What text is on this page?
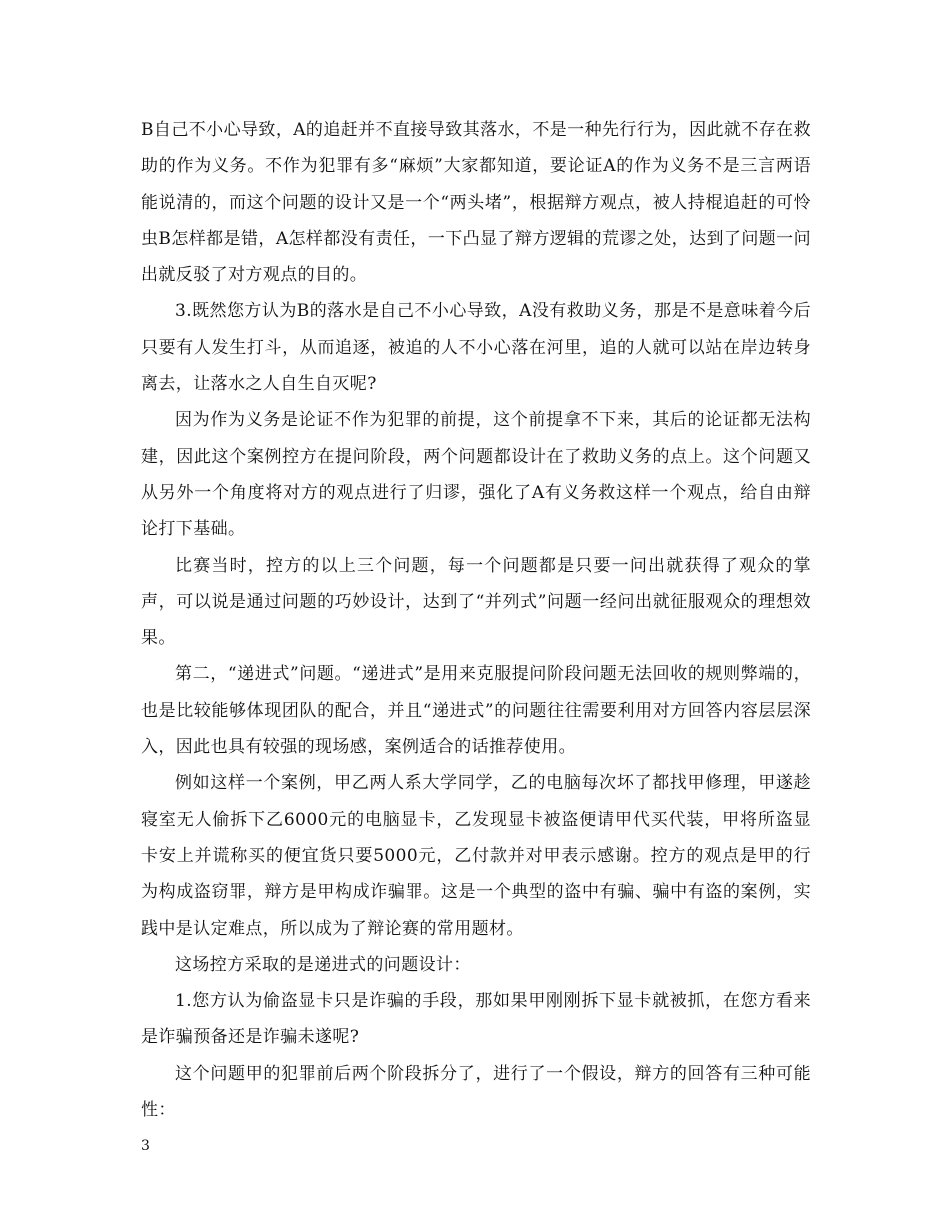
B自己不小心导致，A的追赶并不直接导致其落水，不是一种先行行为，因此就不存在救助的作为义务。不作为犯罪有多“麻烦”大家都知道，要论证A的作为义务不是三言两语能说清的，而这个问题的设计又是一个“两头堵”，根据辩方观点，被人持棍追赶的可怜虫B怎样都是错，A怎样都没有责任，一下凸显了辩方逻辑的荒谬之处，达到了问题一问出就反驳了对方观点的目的。

3.既然您方认为B的落水是自己不小心导致，A没有救助义务，那是不是意味着今后只要有人发生打斗，从而追逐，被追的人不小心落在河里，追的人就可以站在岸边转身离去，让落水之人自生自灭呢?

因为作为义务是论证不作为犯罪的前提，这个前提拿不下来，其后的论证都无法构建，因此这个案例控方在提问阶段，两个问题都设计在了救助义务的点上。这个问题又从另外一个角度将对方的观点进行了归谬，强化了A有义务救这样一个观点，给自由辩论打下基础。

比赛当时，控方的以上三个问题，每一个问题都是只要一问出就获得了观众的掌声，可以说是通过问题的巧妙设计，达到了“并列式”问题一经问出就征服观众的理想效果。

第二，“递进式”问题。“递进式”是用来克服提问阶段问题无法回收的规则弊端的，也是比较能够体现团队的配合，并且“递进式”的问题往往需要利用对方回答内容层层深入，因此也具有较强的现场感，案例适合的话推荐使用。

例如这样一个案例，甲乙两人系大学同学，乙的电脑每次坏了都找甲修理，甲遂趁寝室无人偷拆下乙6000元的电脑显卡，乙发现显卡被盗便请甲代买代装，甲将所盗显卡安上并谎称买的便宜货只要5000元，乙付款并对甲表示感谢。控方的观点是甲的行为构成盗窃罪，辩方是甲构成诈骗罪。这是一个典型的盗中有骗、骗中有盗的案例，实践中是认定难点，所以成为了辩论赛的常用题材。

这场控方采取的是递进式的问题设计：

1.您方认为偷盗显卡只是诈骗的手段，那如果甲刚刚拆下显卡就被抓，在您方看来是诈骗预备还是诈骗未遂呢?

这个问题甲的犯罪前后两个阶段拆分了，进行了一个假设，辩方的回答有三种可能性：

3
